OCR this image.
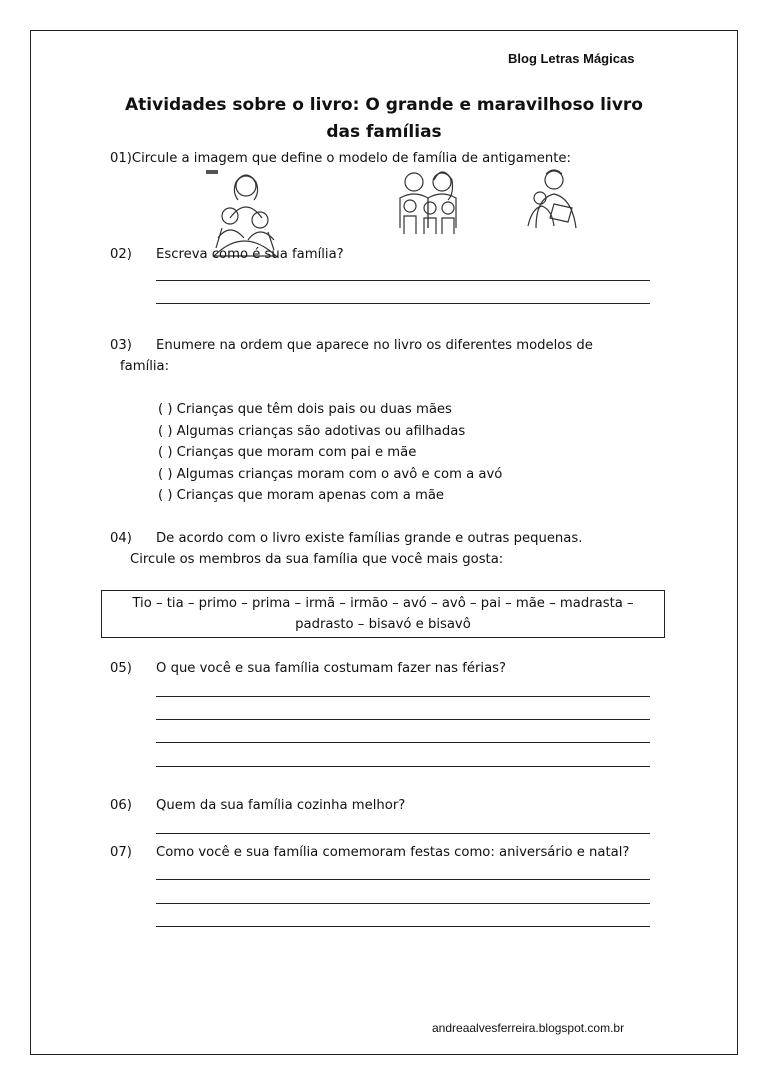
Blog Letras Mágicas
Atividades sobre o livro: O grande e maravilhoso livro das famílias
01)Circule a imagem que define o modelo de família de antigamente:
02) Escreva como é sua família?
03) Enumere na ordem que aparece no livro os diferentes modelos de
família:
( ) Crianças que têm dois pais ou duas mães
( ) Algumas crianças são adotivas ou afilhadas
( ) Crianças que moram com pai e mãe
( ) Algumas crianças moram com o avô e com a avó
( ) Crianças que moram apenas com a mãe
04) De acordo com o livro existe famílias grande e outras pequenas.
Circule os membros da sua família que você mais gosta:
Tio – tia – primo – prima – irmã – irmão – avó – avô – pai – mãe – madrasta –
padrasto – bisavó e bisavô
05) O que você e sua família costumam fazer nas férias?
06) Quem da sua família cozinha melhor?
07) Como você e sua família comemoram festas como: aniversário e natal?
andreaalvesferreira.blogspot.com.br
